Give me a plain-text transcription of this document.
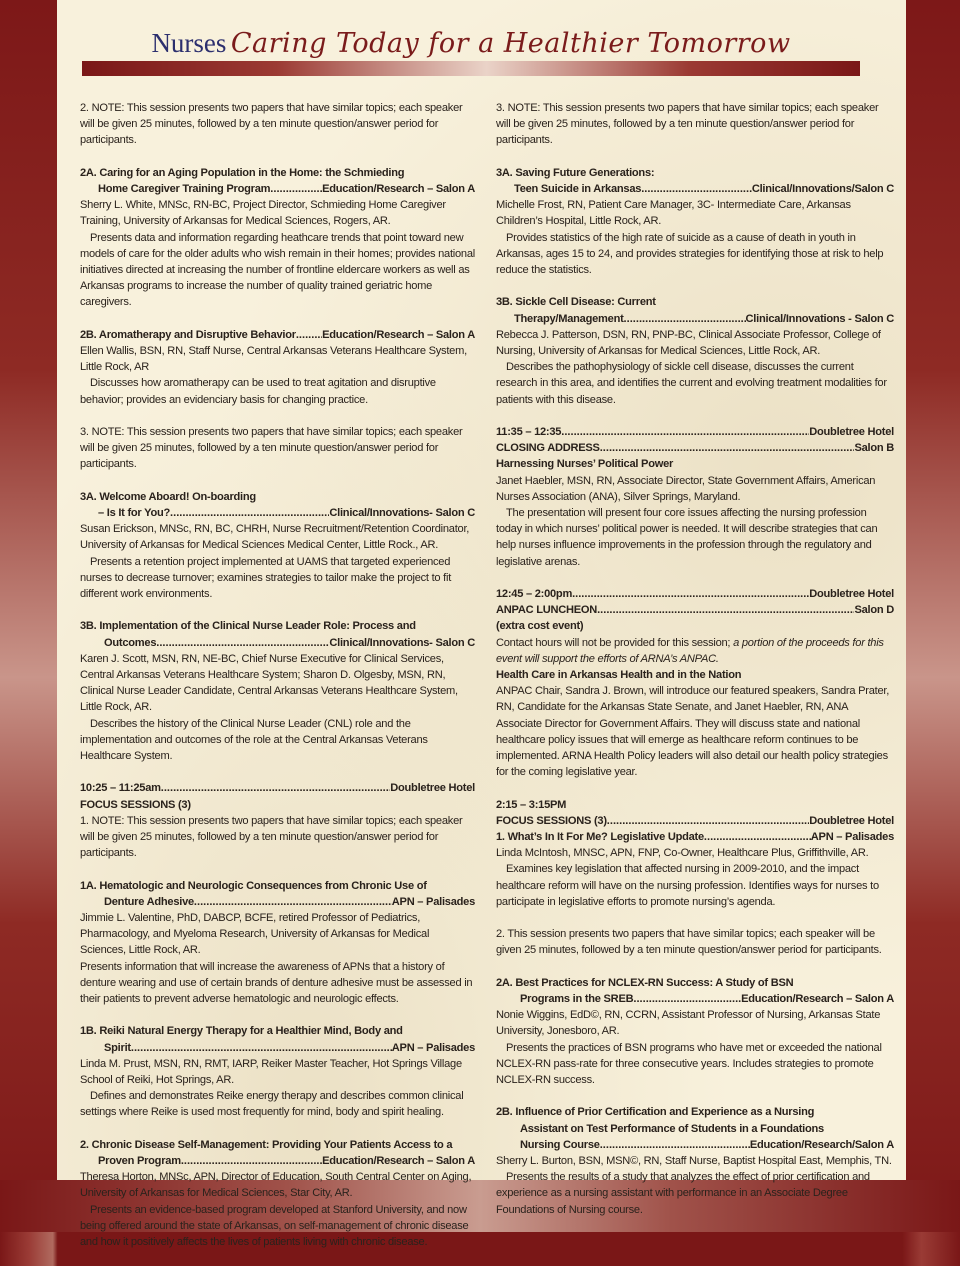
Nurses Caring Today for a Healthier Tomorrow

2. NOTE: This session presents two papers that have similar topics; each speaker will be given 25 minutes, followed by a ten minute question/answer period for participants.

2A. Caring for an Aging Population in the Home: the Schmieding

Home Caregiver Training Program .....	Education/Research – Salon A

Sherry L. White, MNSc, RN-BC, Project Director, Schmieding Home Caregiver Training, University of Arkansas for Medical Sciences, Rogers, AR.

Presents data and information regarding heathcare trends that point toward new models of care for the older adults who wish remain in their homes; provides national initiatives directed at increasing the number of frontline eldercare workers as well as Arkansas programs to increase the number of quality trained geriatric home caregivers.

2B. Aromatherapy and Disruptive Behavior ..... Education/Research – Salon A

Ellen Wallis, BSN, RN, Staff Nurse, Central Arkansas Veterans Healthcare System, Little Rock, AR

Discusses how aromatherapy can be used to treat agitation and disruptive behavior; provides an evidenciary basis for changing practice.

3. NOTE: This session presents two papers that have similar topics; each speaker will be given 25 minutes, followed by a ten minute question/answer period for participants.

3A. Welcome Aboard! On-boarding

– Is It for You? .....	Clinical/Innovations- Salon C

Susan Erickson, MNSc, RN, BC, CHRH, Nurse Recruitment/Retention Coordinator, University of Arkansas for Medical Sciences Medical Center, Little Rock., AR.

Presents a retention project implemented at UAMS that targeted experienced nurses to decrease turnover; examines strategies to tailor make the project to fit different work environments.

3B. Implementation of the Clinical Nurse Leader Role: Process and

Outcomes .....	Clinical/Innovations- Salon C

Karen J. Scott, MSN, RN, NE-BC, Chief Nurse Executive for Clinical Services, Central Arkansas Veterans Healthcare System; Sharon D. Olgesby, MSN, RN, Clinical Nurse Leader Candidate, Central Arkansas Veterans Healthcare System, Little Rock, AR.

Describes the history of the Clinical Nurse Leader (CNL) role and the implementation and outcomes of the role at the Central Arkansas Veterans Healthcare System.

10:25 – 11:25am .....	Doubletree Hotel

FOCUS SESSIONS (3)

1. NOTE: This session presents two papers that have similar topics; each speaker will be given 25 minutes, followed by a ten minute question/answer period for participants.

1A. Hematologic and Neurologic Consequences from Chronic Use of

Denture Adhesive .....	APN – Palisades

Jimmie L. Valentine, PhD, DABCP, BCFE, retired Professor of Pediatrics, Pharmacology, and Myeloma Research, University of Arkansas for Medical Sciences, Little Rock, AR.

Presents information that will increase the awareness of APNs that a history of denture wearing and use of certain brands of denture adhesive must be assessed in their patients to prevent adverse hematologic and neurologic effects.

1B. Reiki Natural Energy Therapy for a Healthier Mind, Body and

Spirit .....	APN – Palisades

Linda M. Prust, MSN, RN, RMT, IARP, Reiker Master Teacher, Hot Springs Village School of Reiki, Hot Springs, AR.

Defines and demonstrates Reike energy therapy and describes common clinical settings where Reike is used most frequently for mind, body and spirit healing.

2. Chronic Disease Self-Management: Providing Your Patients Access to a

Proven Program .....	Education/Research – Salon A

Theresa Horton, MNSc, APN, Director of Education, South Central Center on Aging, University of Arkansas for Medical Sciences, Star City, AR.

Presents an evidence-based program developed at Stanford University, and now being offered around the state of Arkansas, on self-management of chronic disease and how it positively affects the lives of patients living with chronic disease.

3. NOTE: This session presents two papers that have similar topics; each speaker will be given 25 minutes, followed by a ten minute question/answer period for participants.

3A. Saving Future Generations:

Teen Suicide in Arkansas .....	Clinical/Innovations/Salon C

Michelle Frost, RN, Patient Care Manager, 3C- Intermediate Care, Arkansas Children’s Hospital, Little Rock, AR.

Provides statistics of the high rate of suicide as a cause of death in youth in Arkansas, ages 15 to 24, and provides strategies for identifying those at risk to help reduce the statistics.

3B. Sickle Cell Disease: Current

Therapy/Management .....	Clinical/Innovations - Salon C

Rebecca J. Patterson, DSN, RN, PNP-BC, Clinical Associate Professor, College of Nursing, University of Arkansas for Medical Sciences, Little Rock, AR.

Describes the pathophysiology of sickle cell disease, discusses the current research in this area, and identifies the current and evolving treatment modalities for patients with this disease.

11:35 – 12:35 .....	Doubletree Hotel
CLOSING ADDRESS .....	Salon B

Harnessing Nurses’ Political Power

Janet Haebler, MSN, RN, Associate Director, State Government Affairs, American Nurses Association (ANA), Silver Springs, Maryland.

The presentation will present four core issues affecting the nursing profession today in which nurses’ political power is needed. It will describe strategies that can help nurses influence improvements in the profession through the regulatory and legislative arenas.

12:45 – 2:00pm .....	Doubletree Hotel
ANPAC LUNCHEON .....	Salon D

(extra cost event)

Contact hours will not be provided for this session; a portion of the proceeds for this event will support the efforts of ARNA’s ANPAC.

Health Care in Arkansas Health and in the Nation

ANPAC Chair, Sandra J. Brown, will introduce our featured speakers, Sandra Prater, RN, Candidate for the Arkansas State Senate, and Janet Haebler, RN, ANA Associate Director for Government Affairs. They will discuss state and national healthcare policy issues that will emerge as healthcare reform continues to be implemented. ARNA Health Policy leaders will also detail our health policy strategies for the coming legislative year.

2:15 – 3:15PM

FOCUS SESSIONS (3) .....	Doubletree Hotel
1. What’s In It For Me? Legislative Update .....	APN – Palisades

Linda McIntosh, MNSC, APN, FNP, Co-Owner, Healthcare Plus, Griffithville, AR.

Examines key legislation that affected nursing in 2009-2010, and the impact healthcare reform will have on the nursing profession. Identifies ways for nurses to participate in legislative efforts to promote nursing’s agenda.

2. This session presents two papers that have similar topics; each speaker will be given 25 minutes, followed by a ten minute question/answer period for participants.

2A. Best Practices for NCLEX-RN Success: A Study of BSN

Programs in the SREB .....	Education/Research – Salon A

Nonie Wiggins, EdD©, RN, CCRN, Assistant Professor of Nursing, Arkansas State University, Jonesboro, AR.

Presents the practices of BSN programs who have met or exceeded the national NCLEX-RN pass-rate for three consecutive years. Includes strategies to promote NCLEX-RN success.

2B. Influence of Prior Certification and Experience as a Nursing

Assistant on Test Performance of Students in a Foundations

Nursing Course .....	Education/Research/Salon A

Sherry L. Burton, BSN, MSN©, RN, Staff Nurse, Baptist Hospital East, Memphis, TN.

Presents the results of a study that analyzes the effect of prior certification and experience as a nursing assistant with performance in an Associate Degree Foundations of Nursing course.
